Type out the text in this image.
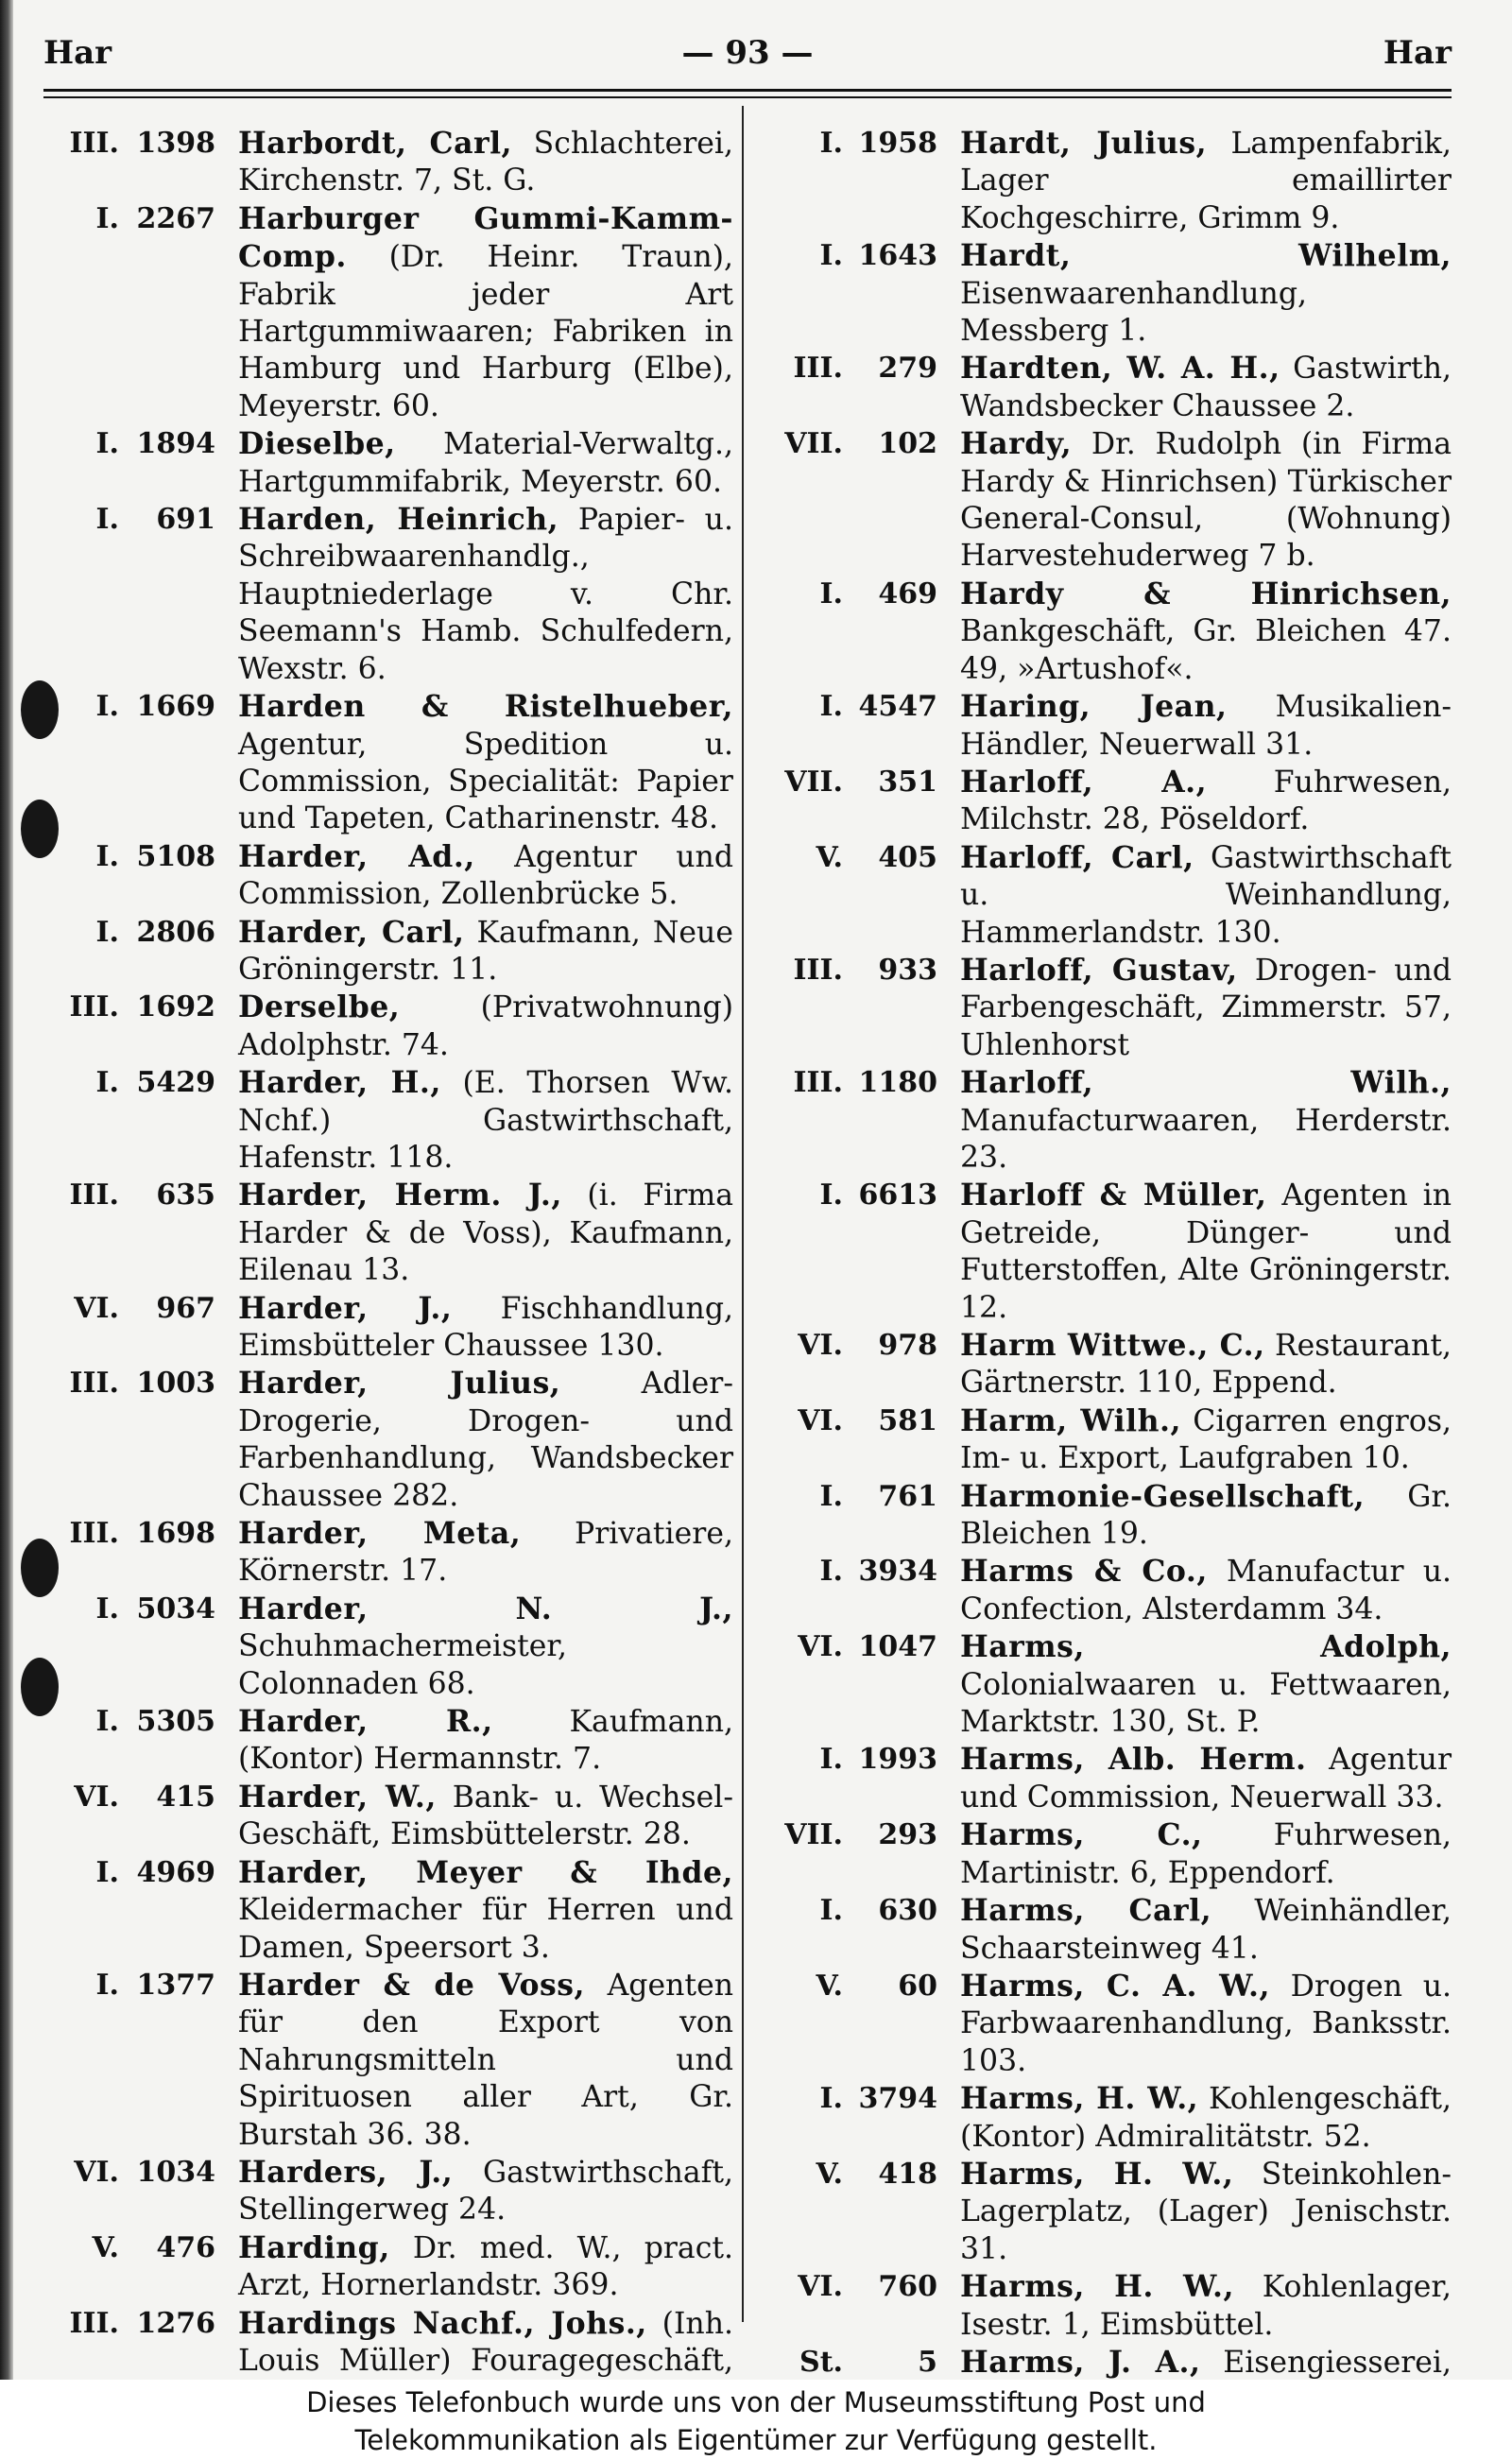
Har	— 93 —	Har
III. 1398 Harbordt, Carl, Schlachterei, Kirchenstr. 7, St. G.
I. 2267 Harburger Gummi-Kamm-Comp. (Dr. Heinr. Traun), Fabrik jeder Art Hartgummiwaaren; Fabriken in Hamburg und Harburg (Elbe), Meyerstr. 60.
I. 1894 Dieselbe, Material-Verwaltg., Hartgummifabrik, Meyerstr. 60.
I. 691 Harden, Heinrich, Papier- u. Schreibwaarenhandlg., Hauptniederlage v. Chr. Seemann's Hamb. Schulfedern, Wexstr. 6.
I. 1669 Harden & Ristelhueber, Agentur, Spedition u. Commission, Specialität: Papier und Tapeten, Catharinenstr. 48.
I. 5108 Harder, Ad., Agentur und Commission, Zollenbrücke 5.
I. 2806 Harder, Carl, Kaufmann, Neue Gröningerstr. 11.
III. 1692 Derselbe,	(Privatwohnung) Adolphstr. 74.
I. 5429 Harder, H., (E. Thorsen Ww. Nchf.) Gastwirthschaft, Hafenstr. 118.
III. 635 Harder, Herm. J., (i. Firma Harder & de Voss), Kaufmann, Eilenau 13.
VI. 967 Harder, J., Fischhandlung, Eimsbütteler Chaussee 130.
III. 1003 Harder, Julius,	Adler-Drogerie, Drogen- und Farbenhandlung, Wandsbecker Chaussee 282.
III. 1698 Harder, Meta, Privatiere, Körnerstr. 17.
I. 5034 Harder, N. J., Schuhmachermeister, Colonnaden 68.
I. 5305 Harder, R.,	Kaufmann, (Kontor) Hermannstr. 7.
VI. 415 Harder, W., Bank- u. Wechsel-Geschäft, Eimsbüttelerstr. 28.
I. 4969 Harder, Meyer & Ihde, Kleidermacher für Herren und Damen, Speersort 3.
I. 1377 Harder & de Voss, Agenten für den Export von Nahrungsmitteln und Spirituosen aller Art, Gr. Burstah 36. 38.
VI. 1034 Harders, J., Gastwirthschaft, Stellingerweg 24.
V. 476 Harding, Dr. med. W., pract. Arzt, Hornerlandstr. 369.
III. 1276 Hardings Nachf., Johs., (Inh. Louis Müller) Fouragegeschäft,
I. 1958 Hardt, Julius, Lampenfabrik, Lager emaillirter Kochgeschirre, Grimm 9.
I. 1643 Hardt, Wilhelm, Eisenwaarenhandlung, Messberg 1.
III. 279 Hardten, W. A. H., Gastwirth, Wandsbecker Chaussee 2.
VII. 102 Hardy, Dr. Rudolph (in Firma Hardy & Hinrichsen) Türkischer General-Consul, (Wohnung) Harvestehuderweg 7 b.
I. 469 Hardy & Hinrichsen, Bankgeschäft, Gr. Bleichen 47. 49, »Artushof«.
I. 4547 Haring, Jean, Musikalien-Händler, Neuerwall 31.
VII. 351 Harloff, A., Fuhrwesen, Milchstr. 28, Pöseldorf.
V. 405 Harloff, Carl, Gastwirthschaft u. Weinhandlung, Hammerlandstr. 130.
III. 933 Harloff, Gustav, Drogen- und Farbengeschäft, Zimmerstr. 57, Uhlenhorst
III. 1180 Harloff, Wilh., Manufacturwaaren, Herderstr. 23.
I. 6613 Harloff & Müller, Agenten in Getreide, Dünger- und Futterstoffen, Alte Gröningerstr. 12.
VI. 978 Harm Wittwe., C., Restaurant, Gärtnerstr. 110, Eppend.
VI. 581 Harm, Wilh., Cigarren engros, Im- u. Export, Laufgraben 10.
I. 761 Harmonie-Gesellschaft, Gr. Bleichen 19.
I. 3934 Harms & Co., Manufactur u. Confection, Alsterdamm 34.
VI. 1047 Harms, Adolph, Colonialwaaren u. Fettwaaren, Marktstr. 130, St. P.
I. 1993 Harms, Alb. Herm. Agentur und Commission, Neuerwall 33.
VII. 293 Harms, C., Fuhrwesen, Martinistr. 6, Eppendorf.
I. 630 Harms, Carl, Weinhändler, Schaarsteinweg 41.
V. 60 Harms, C. A. W., Drogen u. Farbwaarenhandlung, Banksstr. 103.
I. 3794 Harms, H. W., Kohlengeschäft, (Kontor) Admiralitätstr. 52.
V. 418 Harms, H. W., Steinkohlen-Lagerplatz, (Lager) Jenischstr. 31.
VI. 760 Harms, H. W., Kohlenlager, Isestr. 1, Eimsbüttel.
St.	5 Harms, J. A., Eisengiesserei,
Dieses Telefonbuch wurde uns von der Museumsstiftung Post und
Telekommunikation als Eigentümer zur Verfügung gestellt.
